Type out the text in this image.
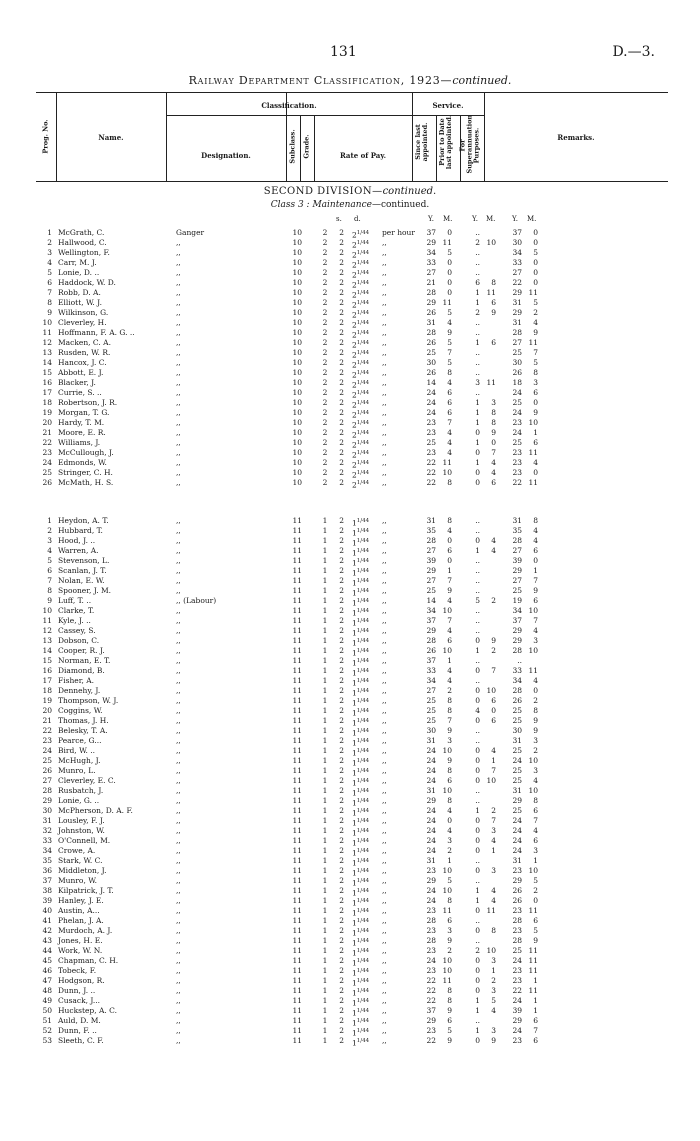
131	D.—3.
Railway Department Classification, 1923—continued.
Prog. No.	Name.
Classification.	Service.
Designation.	Subclass. Grade.	Rate of Pay.	Since last appointed. Prior to Date last appointed. For Superannuation Purposes.	Remarks.
SECOND DIVISION—continued.
Class 3 : Maintenance—continued.
s. d.	Y. M.	Y. M. Y. M.
1 McGrath, C.	Ganger	10	2	2 $2^{1/44}$ per hour	37	0	..	37	0
2 Hallwood, C.	,,	10	2	2 $2^{1/44}$ ,,	29 11	2 10	30	0
3 Wellington, F.	,,	10	2	2 $2^{1/44}$ ,,	34	5	..	34	5
4 Carr, M. J.	,,	10	2	2 $2^{1/44}$ ,,	33	0	..	33	0
5 Lonie, D. ..	,,	10	2	2 $2^{1/44}$ ,,	27	0	..	27	0
6 Haddock, W. D.	,,	10	2	2 $2^{1/44}$ ,,	21	0	6	8	22	0
7 Robb, D. A.	,,	10	2	2 $2^{1/44}$ ,,	28	0	1 11	29 11
8 Elliott, W. J.	,,	10	2	2 $2^{1/44}$ ,,	29 11	1	6	31	5
9 Wilkinson, G.	,,	10	2	2 $2^{1/44}$ ,,	26	5	2	9	29	2
10 Cleverley, H.	,,	10	2	2 $2^{1/44}$ ,,	31	4	..	31	4
11 Hoffmann, F. A. G. ..	,,	10	2	2 $2^{1/44}$ ,,	28	9	..	28	9
12 Macken, C. A.	,,	10	2	2 $2^{1/44}$ ,,	26	5	1	6	27 11
13 Rusden, W. R.	,,	10	2	2 $2^{1/44}$ ,,	25	7	..	25	7
14 Hancox, J. C.	,,	10	2	2 $2^{1/44}$ ,,	30	5	..	30	5
15 Abbott, E. J.	,,	10	2	2 $2^{1/44}$ ,,	26	8	..	26	8
16 Blacker, J.	,,	10	2	2 $2^{1/44}$ ,,	14	4	3 11	18	3
17 Currie, S. ..	,,	10	2	2 $2^{1/44}$ ,,	24	6	..	24	6
18 Robertson, J. R.	,,	10	2	2 $2^{1/44}$ ,,	24	6	1	3	25	0
19 Morgan, T. G.	,,	10	2	2 $2^{1/44}$ ,,	24	6	1	8	24	9
20 Hardy, T. M.	,,	10	2	2 $2^{1/44}$ ,,	23	7	1	8	23 10
21 Moore, E. R.	,,	10	2	2 $2^{1/44}$ ,,	23	4	0	9	24	1
22 Williams, J.	,,	10	2	2 $2^{1/44}$ ,,	25	4	1	0	25	6
23 McCullough, J.	,,	10	2	2 $2^{1/44}$ ,,	23	4	0	7	23 11
24 Edmonds, W.	,,	10	2	2 $2^{1/44}$ ,,	22 11	1	4	23	4
25 Stringer, C. H.	,,	10	2	2 $2^{1/44}$ ,,	22 10	0	4	23	0
26 McMath, H. S.	,,	10	2	2 $2^{1/44}$ ,,	22	8	0	6	22 11
1 Heydon, A. T.	,,	11	1	2 $1^{1/44}$ ,,	31	8	..	31	8
2 Hubbard, T.	,,	11	1	2 $1^{1/44}$ ,,	35	4	..	35	4
3 Hood, J. ..	,,	11	1	2 $1^{1/44}$ ,,	28	0	0	4	28	4
4 Warren, A.	,,	11	1	2 $1^{1/44}$ ,,	27	6	1	4	27	6
5 Stevenson, L.	,,	11	1	2 $1^{1/44}$ ,,	39	0	..	39	0
6 Scanlan, J. T.	,,	11	1	2 $1^{1/44}$ ,,	29	1	..	29	1
7 Nolan, E. W.	,,	11	1	2 $1^{1/44}$ ,,	27	7	..	27	7
8 Spooner, J. M.	,,	11	1	2 $1^{1/44}$ ,,	25	9	..	25	9
9 Luff, T. ..	,, (Labour)	11	1	2 $1^{1/44}$ ,,	14	4	5	2	19	6
10 Clarke, T.	,,	11	1	2 $1^{1/44}$ ,,	34 10	..	34 10
11 Kyle, J. ..	,,	11	1	2 $1^{1/44}$ ,,	37	7	..	37	7
12 Cassey, S.	,,	11	1	2 $1^{1/44}$ ,,	29	4	..	29	4
13 Dobson, C.	,,	11	1	2 $1^{1/44}$ ,,	28	6	0	9	29	3
14 Cooper, R. J.	,,	11	1	2 $1^{1/44}$ ,,	26 10	1	2	28 10
15 Norman, E. T.	,,	11	1	2 $1^{1/44}$ ,,	37	1	..	..
16 Diamond, B.	,,	11	1	2 $1^{1/44}$ ,,	33	4	0	7	33 11
17 Fisher, A.	,,	11	1	2 $1^{1/44}$ ,,	34	4	..	34	4
18 Dennehy, J.	,,	11	1	2 $1^{1/44}$ ,,	27	2	0 10	28	0
19 Thompson, W. J.	,,	11	1	2 $1^{1/44}$ ,,	25	8	0	6	26	2
20 Coggins, W.	,,	11	1	2 $1^{1/44}$ ,,	25	8	4	0	25	8
21 Thomas, J. H.	,,	11	1	2 $1^{1/44}$ ,,	25	7	0	6	25	9
22 Belesky, T. A.	,,	11	1	2 $1^{1/44}$ ,,	30	9	..	30	9
23 Pearce, G...	,,	11	1	2 $1^{1/44}$ ,,	31	3	..	31	3
24 Bird, W. ..	,,	11	1	2 $1^{1/44}$ ,,	24 10	0	4	25	2
25 McHugh, J.	,,	11	1	2 $1^{1/44}$ ,,	24	9	0	1	24 10
26 Munro, L.	,,	11	1	2 $1^{1/44}$ ,,	24	8	0	7	25	3
27 Cleverley, E. C.	,,	11	1	2 $1^{1/44}$ ,,	24	6	0 10	25	4
28 Rusbatch, J.	,,	11	1	2 $1^{1/44}$ ,,	31 10	..	31 10
29 Lonie, G. ..	,,	11	1	2 $1^{1/44}$ ,,	29	8	..	29	8
30 McPherson, D. A. F.	,,	11	1	2 $1^{1/44}$ ,,	24	4	1	2	25	6
31 Lousley, F. J.	,,	11	1	2 $1^{1/44}$ ,,	24	0	0	7	24	7
32 Johnston, W.	,,	11	1	2 $1^{1/44}$ ,,	24	4	0	3	24	4
33 O'Connell, M.	,,	11	1	2 $1^{1/44}$ ,,	24	3	0	4	24	6
34 Crowe, A.	,,	11	1	2 $1^{1/44}$ ,,	24	2	0	1	24	3
35 Stark, W. C.	,,	11	1	2 $1^{1/44}$ ,,	31	1	..	31	1
36 Middleton, J.	,,	11	1	2 $1^{1/44}$ ,,	23 10	0	3	23 10
37 Munro, W.	,,	11	1	2 $1^{1/44}$ ,,	29	5	..	29	5
38 Kilpatrick, J. T.	,,	11	1	2 $1^{1/44}$ ,,	24 10	1	4	26	2
39 Hanley, J. E.	,,	11	1	2 $1^{1/44}$ ,,	24	8	1	4	26	0
40 Austin, A...	,,	11	1	2 $1^{1/44}$ ,,	23 11	0 11	23 11
41 Phelan, J. A.	,,	11	1	2 $1^{1/44}$ ,,	28	6	..	28	6
42 Murdoch, A. J.	,,	11	1	2 $1^{1/44}$ ,,	23	3	0	8	23	5
43 Jones, H. E.	,,	11	1	2 $1^{1/44}$ ,,	28	9	..	28	9
44 Work, W. N.	,,	11	1	2 $1^{1/44}$ ,,	23	2	2 10	25 11
45 Chapman, C. H.	,,	11	1	2 $1^{1/44}$ ,,	24 10	0	3	24 11
46 Tobeck, F.	,,	11	1	2 $1^{1/44}$ ,,	23 10	0	1	23 11
47 Hodgson, R.	,,	11	1	2 $1^{1/44}$ ,,	22 11	0	2	23	1
48 Dunn, J. ..	,,	11	1	2 $1^{1/44}$ ,,	22	8	0	3	22 11
49 Cusack, J...	,,	11	1	2 $1^{1/44}$ ,,	22	8	1	5	24	1
50 Huckstep, A. C.	,,	11	1	2 $1^{1/44}$ ,,	37	9	1	4	39	1
51 Auld, D. M.	,,	11	1	2 $1^{1/44}$ ,,	29	6	..	29	6
52 Dunn, F. ..	,,	11	1	2 $1^{1/44}$ ,,	23	5	1	3	24	7
53 Sleeth, C. F.	,,	11	1	2 $1^{1/44}$ ,,	22	9	0	9	23	6
